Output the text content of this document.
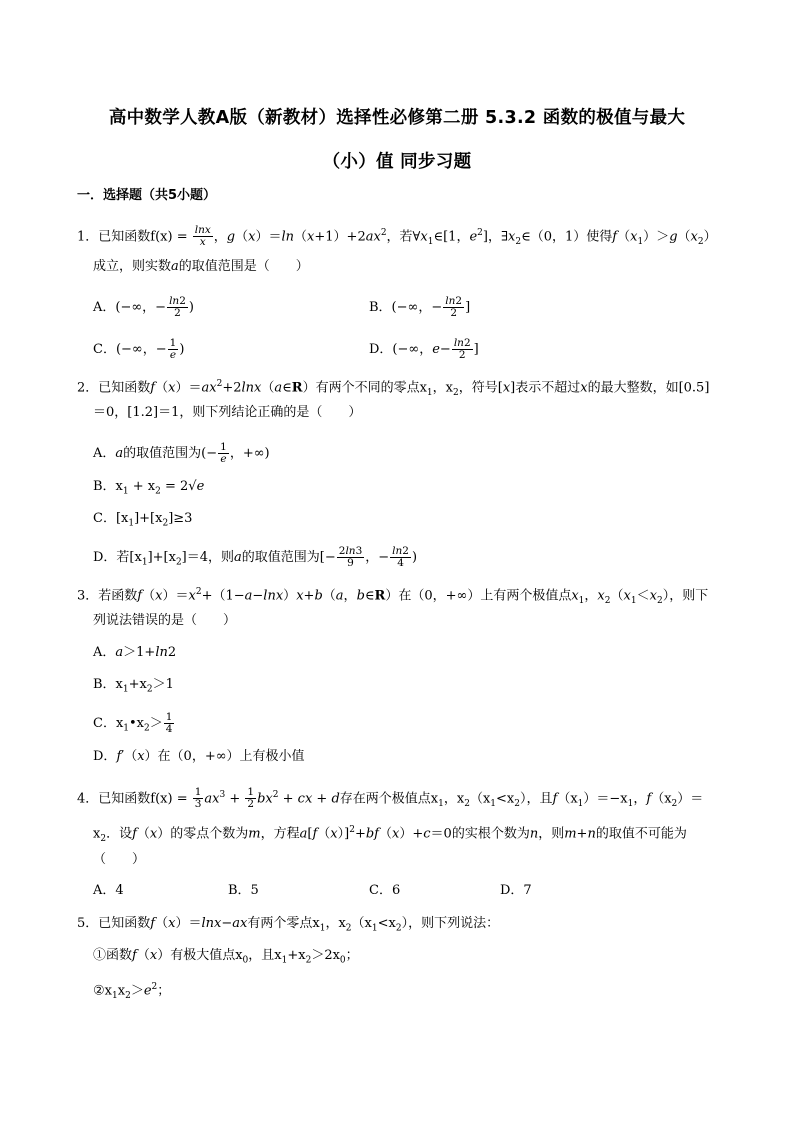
高中数学人教A版（新教材）选择性必修第二册 5.3.2 函数的极值与最大
（小）值 同步习题
一．选择题（共5小题）
1．已知函数$f(x) = \frac{\ln x}{x}$ ，$g(x)=\ln(x+1)+2ax^2$，若$\forall x_1\in[1$，$e^2$]，$\exists x_2\in(0$，1）使得$f(x_1)>g(x_2)$
成立，则实数a的取值范围是（　　）
A．(−∞，− $\frac{\ln 2}{2}$ )	B．(−∞，− $\frac{\ln 2}{2}$ ]
C．(−∞，− $\frac{1}{e}$ )	D．(−∞，$e- \frac{\ln 2}{2}$ ]
2．已知函数$f(x)=ax^2+2\ln x(a\in R)$有两个不同的零点$x_1$，$x_2$，符号[x]表示不超过x的最大整数，如[0.5]
＝0，[1.2]＝1，则下列结论正确的是（　　）
A．a的取值范围为(− $\frac{1}{e}$ ，+∞)
B．$x_1 + x_2 = 2√e$
C．$[x_1]+[x_2]\ge 3$
D．若$[x_1]+[x_2]=4$，则a的取值范围为[− $\frac{2\ln 3}{9}$ ，− $\frac{\ln 2}{4}$ )
3．若函数$f(x)=x^2+(1-a-\ln x)x+b(a$，b∈R）在（0，+∞）上有两个极值点$x_1$，$x_2(x_1<x_2)$，则下
列说法错误的是（　　）
A．a＞1+ln2
B．$x_1+x_2>1$
C．$x_1•x_2> \frac{1}{4}$
D．f′（x）在（0，+∞）上有极小值
4．已知函数$f(x) = \frac{1}{3} ax^3 + \frac{1}{2} bx^2$ + cx + d存在两个极值点$x_1$，$x_2(x_1<x_2)$，且$f(x_1)=-x_1$，$f(x_2)=$
$x_2$．设f（x）的零点个数为m，方程$a[f(x)]^2+bf(x)+c=0$的实根个数为n，则m+n的取值不可能为
（　　）
A．4	B．5	C．6	D．7
5．已知函数f（x）＝lnx−ax有两个零点$x_1$，$x_2(x_1<x_2)$，则下列说法：
①函数f（x）有极大值点$x_0$，且$x_1+x_2>2x_0$；
$②x_1x_2>e^2$；
